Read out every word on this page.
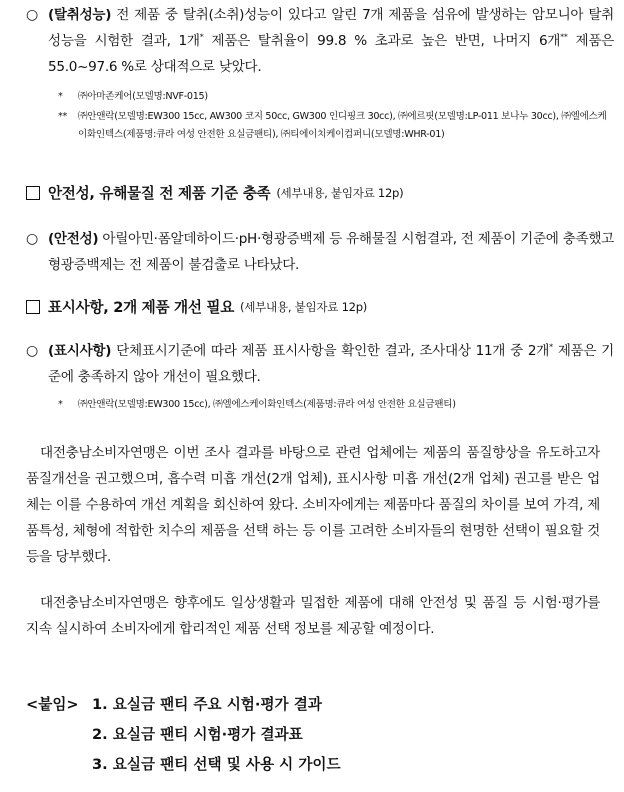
○ (탈취성능) 전 제품 중 탈취(소취)성능이 있다고 알린 7개 제품을 섬유에 발생하는 암모니아 탈취성능을 시험한 결과, 1개* 제품은 탈취율이 99.8 % 초과로 높은 반면, 나머지 6개** 제품은 55.0~97.6 %로 상대적으로 낮았다.
*	㈜아마존케어(모델명:NVF-015)
**	㈜안앤락(모델명:EW300 15cc, AW300 코지 50cc, GW300 인디핑크 30cc), ㈜에르핏(모델명:LP-011 보나누 30cc), ㈜엘에스케이화인텍스(제품명:큐라 여성 안전한 요실금팬티), ㈜티에이치케이컴퍼니(모델명:WHR-01)
안전성, 유해물질 전 제품 기준 충족 (세부내용, 붙임자료 12p)
○ (안전성) 아릴아민·폼알데하이드·pH·형광증백제 등 유해물질 시험결과, 전 제품이 기준에 충족했고 형광증백제는 전 제품이 불검출로 나타났다.
표시사항, 2개 제품 개선 필요 (세부내용, 붙임자료 12p)
○ (표시사항) 단체표시기준에 따라 제품 표시사항을 확인한 결과, 조사대상 11개 중 2개* 제품은 기준에 충족하지 않아 개선이 필요했다.
*	㈜안앤락(모델명:EW300 15cc), ㈜엘에스케이화인텍스(제품명:큐라 여성 안전한 요실금팬티)
대전충남소비자연맹은 이번 조사 결과를 바탕으로 관련 업체에는 제품의 품질향상을 유도하고자 품질개선을 권고했으며, 흡수력 미흡 개선(2개 업체), 표시사항 미흡 개선(2개 업체) 권고를 받은 업체는 이를 수용하여 개선 계획을 회신하여 왔다. 소비자에게는 제품마다 품질의 차이를 보여 가격, 제품특성, 체형에 적합한 치수의 제품을 선택 하는 등 이를 고려한 소비자들의 현명한 선택이 필요할 것 등을 당부했다.
대전충남소비자연맹은 향후에도 일상생활과 밀접한 제품에 대해 안전성 및 품질 등 시험·평가를 지속 실시하여 소비자에게 합리적인 제품 선택 정보를 제공할 예정이다.
<붙임> 1. 요실금 팬티 주요 시험·평가 결과
2. 요실금 팬티 시험·평가 결과표
3. 요실금 팬티 선택 및 사용 시 가이드
